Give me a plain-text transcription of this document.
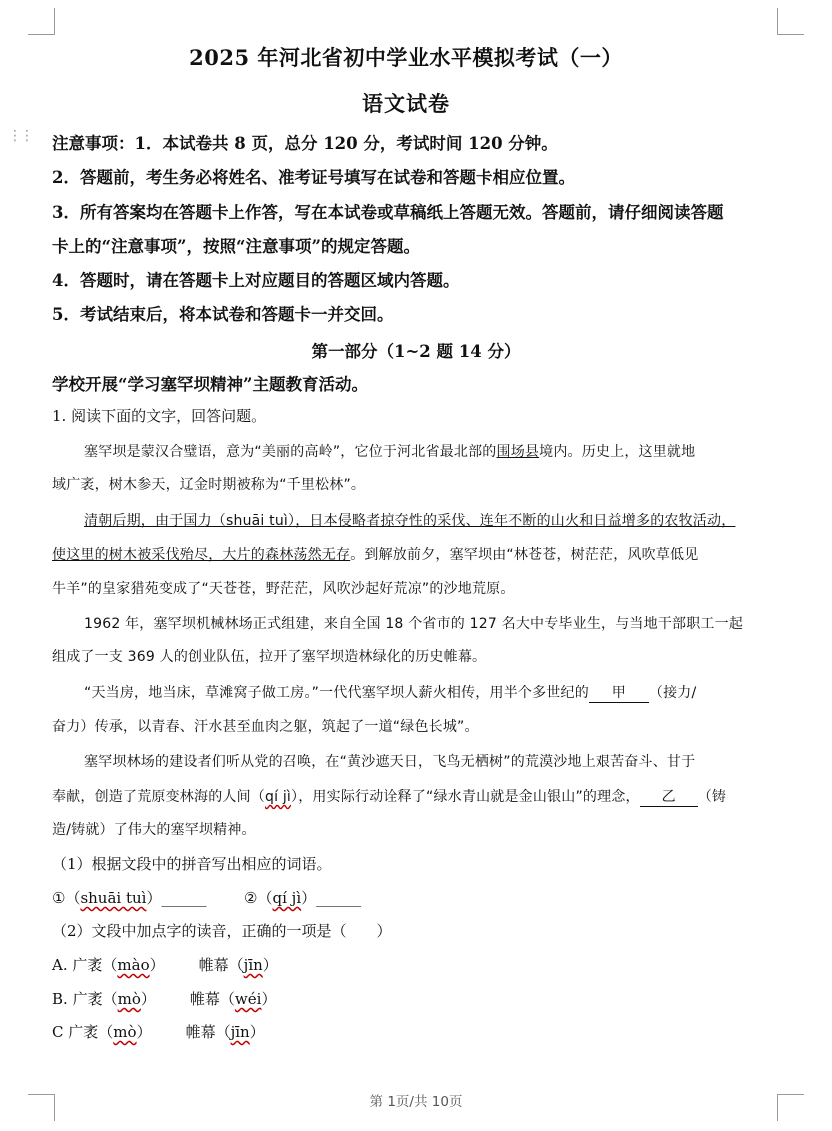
⋮⋮
2025 年河北省初中学业水平模拟考试（一）
语文试卷
注意事项：1．本试卷共 8 页，总分 120 分，考试时间 120 分钟。
2．答题前，考生务必将姓名、准考证号填写在试卷和答题卡相应位置。
3．所有答案均在答题卡上作答，写在本试卷或草稿纸上答题无效。答题前，请仔细阅读答题
卡上的“注意事项”，按照“注意事项”的规定答题。
4．答题时，请在答题卡上对应题目的答题区域内答题。
5．考试结束后，将本试卷和答题卡一并交回。
第一部分（1~2 题 14 分）
学校开展“学习塞罕坝精神”主题教育活动。
1. 阅读下面的文字，回答问题。
塞罕坝是蒙汉合璧语，意为“美丽的高岭”，它位于河北省最北部的围场县境内。历史上，这里就地
域广袤，树木参天，辽金时期被称为“千里松林”。
清朝后期，由于国力（shuāi tuì），日本侵略者掠夺性的采伐、连年不断的山火和日益增多的农牧活动，
使这里的树木被采伐殆尽，大片的森林荡然无存。到解放前夕，塞罕坝由“林苍苍，树茫茫，风吹草低见
牛羊”的皇家猎苑变成了“天苍苍，野茫茫，风吹沙起好荒凉”的沙地荒原。
1962 年，塞罕坝机械林场正式组建，来自全国 18 个省市的 127 名大中专毕业生，与当地干部职工一起
组成了一支 369 人的创业队伍，拉开了塞罕坝造林绿化的历史帷幕。
“天当房，地当床，草滩窝子做工房。”一代代塞罕坝人薪火相传，用半个多世纪的 甲 （接力/
奋力）传承，以青春、汗水甚至血肉之躯，筑起了一道“绿色长城”。
塞罕坝林场的建设者们听从党的召唤，在“黄沙遮天日，飞鸟无栖树”的荒漠沙地上艰苦奋斗、甘于
奉献，创造了荒原变林海的人间（qí jì），用实际行动诠释了“绿水青山就是金山银山”的理念， 乙 （铸
造/铸就）了伟大的塞罕坝精神。
（1）根据文段中的拼音写出相应的词语。
①（shuāi tuì）______	②（qí jì）______
（2）文段中加点字的读音，正确的一项是（　　）
A. 广袤（mào） 帷幕（jīn）
B. 广袤（mò） 帷幕（wéi）
C 广袤（mò） 帷幕（jīn）
第 1页/共 10页
